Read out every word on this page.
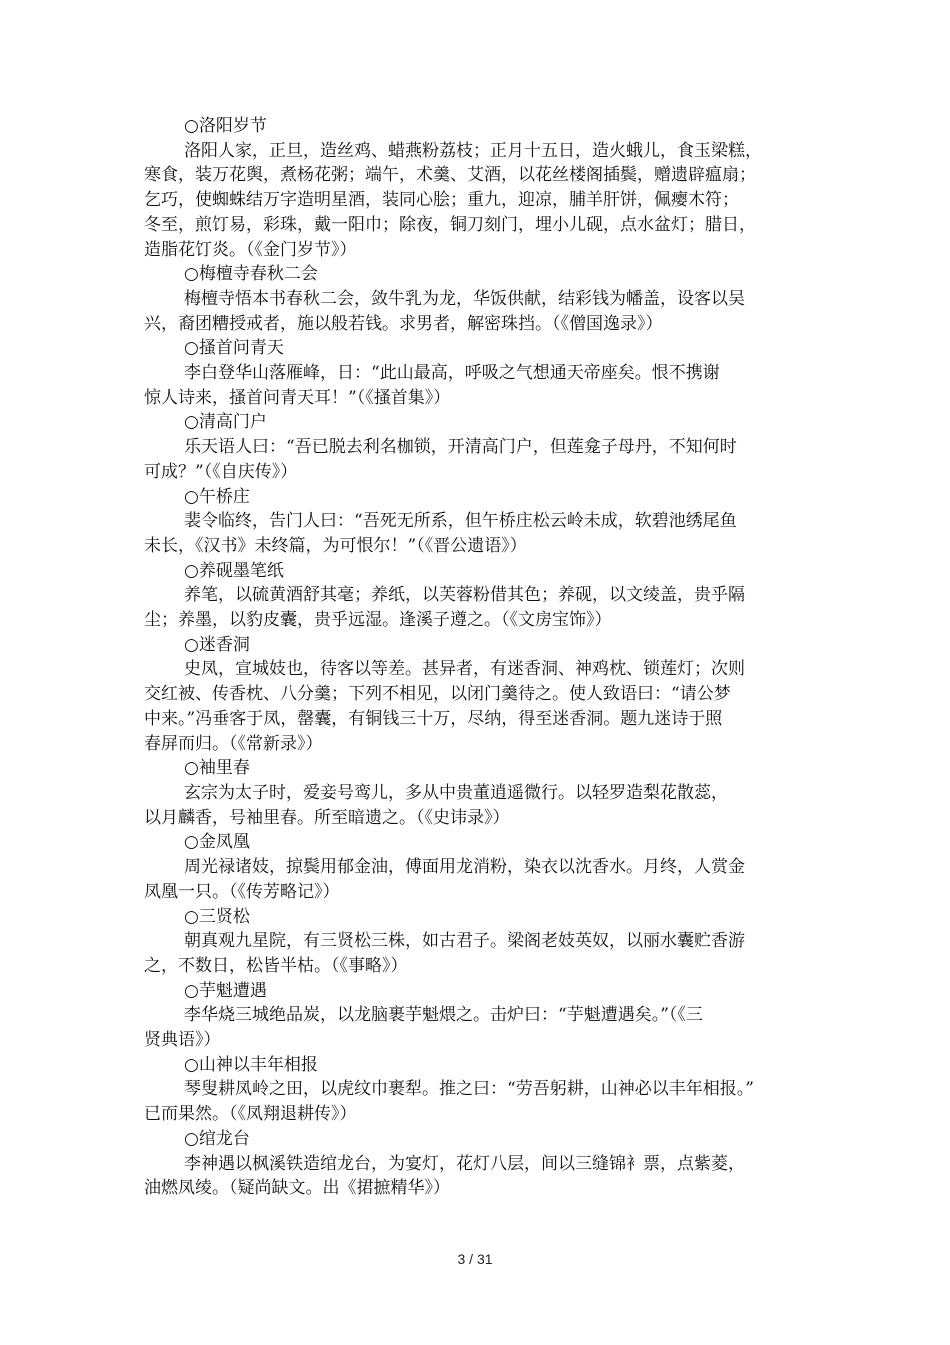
○洛阳岁节

洛阳人家，正旦，造丝鸡、蜡燕粉荔枝；正月十五日，造火蛾儿，食玉梁糕，

寒食，装万花舆，煮杨花粥；端午，术羹、艾酒，以花丝楼阁插鬓，赠遗辟瘟扇；

乞巧，使蜘蛛结万字造明星酒，装同心脍；重九，迎凉，脯羊肝饼，佩瘿木符；

冬至，煎饤易，彩珠，戴一阳巾；除夜，铜刀刻门，埋小儿砚，点水盆灯；腊日，

造脂花饤炎。（《金门岁节》）

○梅檀寺春秋二会

梅檀寺悟本书春秋二会，敛牛乳为龙，华饭供献，结彩钱为幡盖，设客以吴

兴，裔团糟授戒者，施以般若钱。求男者，解密珠挡。（《僧国逸录》）

○搔首问青天

李白登华山落雁峰，日：“此山最高，呼吸之气想通天帝座矣。恨不携谢

惊人诗来，搔首问青天耳！”（《搔首集》）

○清高门户

乐天语人曰：“吾已脱去利名枷锁，开清高门户，但莲龛子母丹，不知何时

可成？”（《自庆传》）

○午桥庄

裴令临终，告门人曰：“吾死无所系，但午桥庄松云岭未成，软碧池绣尾鱼

未长，《汉书》未终篇，为可恨尔！”（《晋公遗语》）

○养砚墨笔纸

养笔，以硫黄酒舒其毫；养纸，以芙蓉粉借其色；养砚，以文绫盖，贵乎隔

尘；养墨，以豹皮囊，贵乎远湿。逢溪子遵之。（《文房宝饰》）

○迷香洞

史凤，宣城妓也，待客以等差。甚异者，有迷香洞、神鸡枕、锁莲灯；次则

交红被、传香枕、八分羹；下列不相见，以闭门羹待之。使人致语曰：“请公梦

中来。”冯垂客于凤，罄囊，有铜钱三十万，尽纳，得至迷香洞。题九迷诗于照

春屏而归。（《常新录》）

○袖里春

玄宗为太子时，爱妾号鸾儿，多从中贵董逍遥微行。以轻罗造梨花散蕊，

以月麟香，号袖里春。所至暗遗之。（《史讳录》）

○金凤凰

周光禄诸妓，掠鬓用郁金油，傅面用龙消粉，染衣以沈香水。月终，人赏金

凤凰一只。（《传芳略记》）

○三贤松

朝真观九星院，有三贤松三株，如古君子。梁阁老妓英奴，以丽水囊贮香游

之，不数日，松皆半枯。（《事略》）

○芋魁遭遇

李华烧三城绝品炭，以龙脑裹芋魁煨之。击炉曰：“芋魁遭遇矣。”（《三

贤典语》）

○山神以丰年相报

琴叟耕凤岭之田，以虎纹巾裹犁。推之曰：“劳吾躬耕，山神必以丰年相报。”

已而果然。（《凤翔退耕传》）

○绾龙台

李神遇以枫溪铁造绾龙台，为宴灯，花灯八层，间以三缝锦衤票，点紫菱，

油燃凤绫。（疑尚缺文。出《捃摭精华》）

3 / 31
